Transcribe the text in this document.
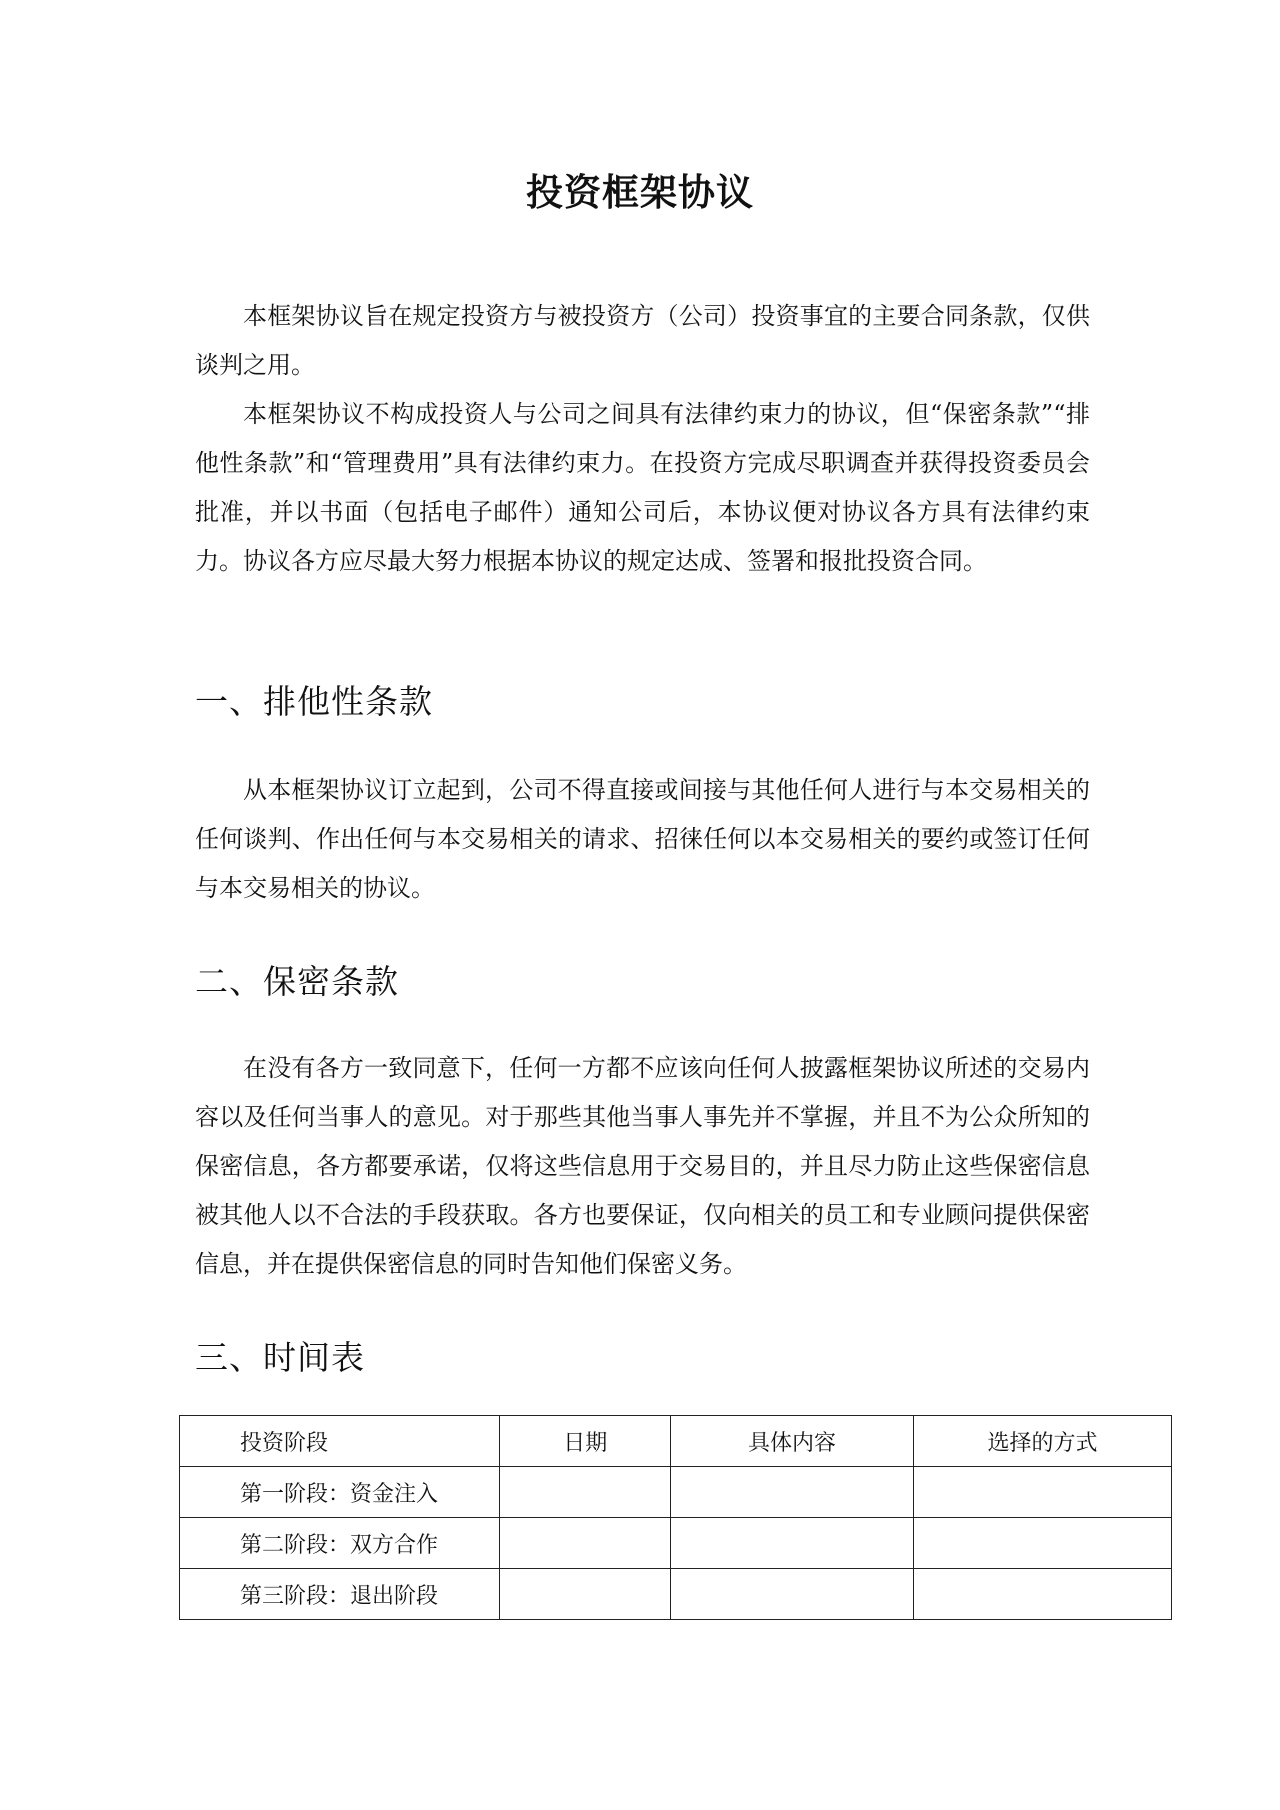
投资框架协议

本框架协议旨在规定投资方与被投资方（公司）投资事宜的主要合同条款，仅供谈判之用。

本框架协议不构成投资人与公司之间具有法律约束力的协议，但“保密条款”“排他性条款”和“管理费用”具有法律约束力。在投资方完成尽职调查并获得投资委员会批准，并以书面（包括电子邮件）通知公司后，本协议便对协议各方具有法律约束力。协议各方应尽最大努力根据本协议的规定达成、签署和报批投资合同。

一、排他性条款

从本框架协议订立起到，公司不得直接或间接与其他任何人进行与本交易相关的任何谈判、作出任何与本交易相关的请求、招徕任何以本交易相关的要约或签订任何与本交易相关的协议。

二、保密条款

在没有各方一致同意下，任何一方都不应该向任何人披露框架协议所述的交易内容以及任何当事人的意见。对于那些其他当事人事先并不掌握，并且不为公众所知的保密信息，各方都要承诺，仅将这些信息用于交易目的，并且尽力防止这些保密信息被其他人以不合法的手段获取。各方也要保证，仅向相关的员工和专业顾问提供保密信息，并在提供保密信息的同时告知他们保密义务。

三、时间表
投资阶段	日期	具体内容	选择的方式
第一阶段：资金注入			
第二阶段：双方合作			
第三阶段：退出阶段			
